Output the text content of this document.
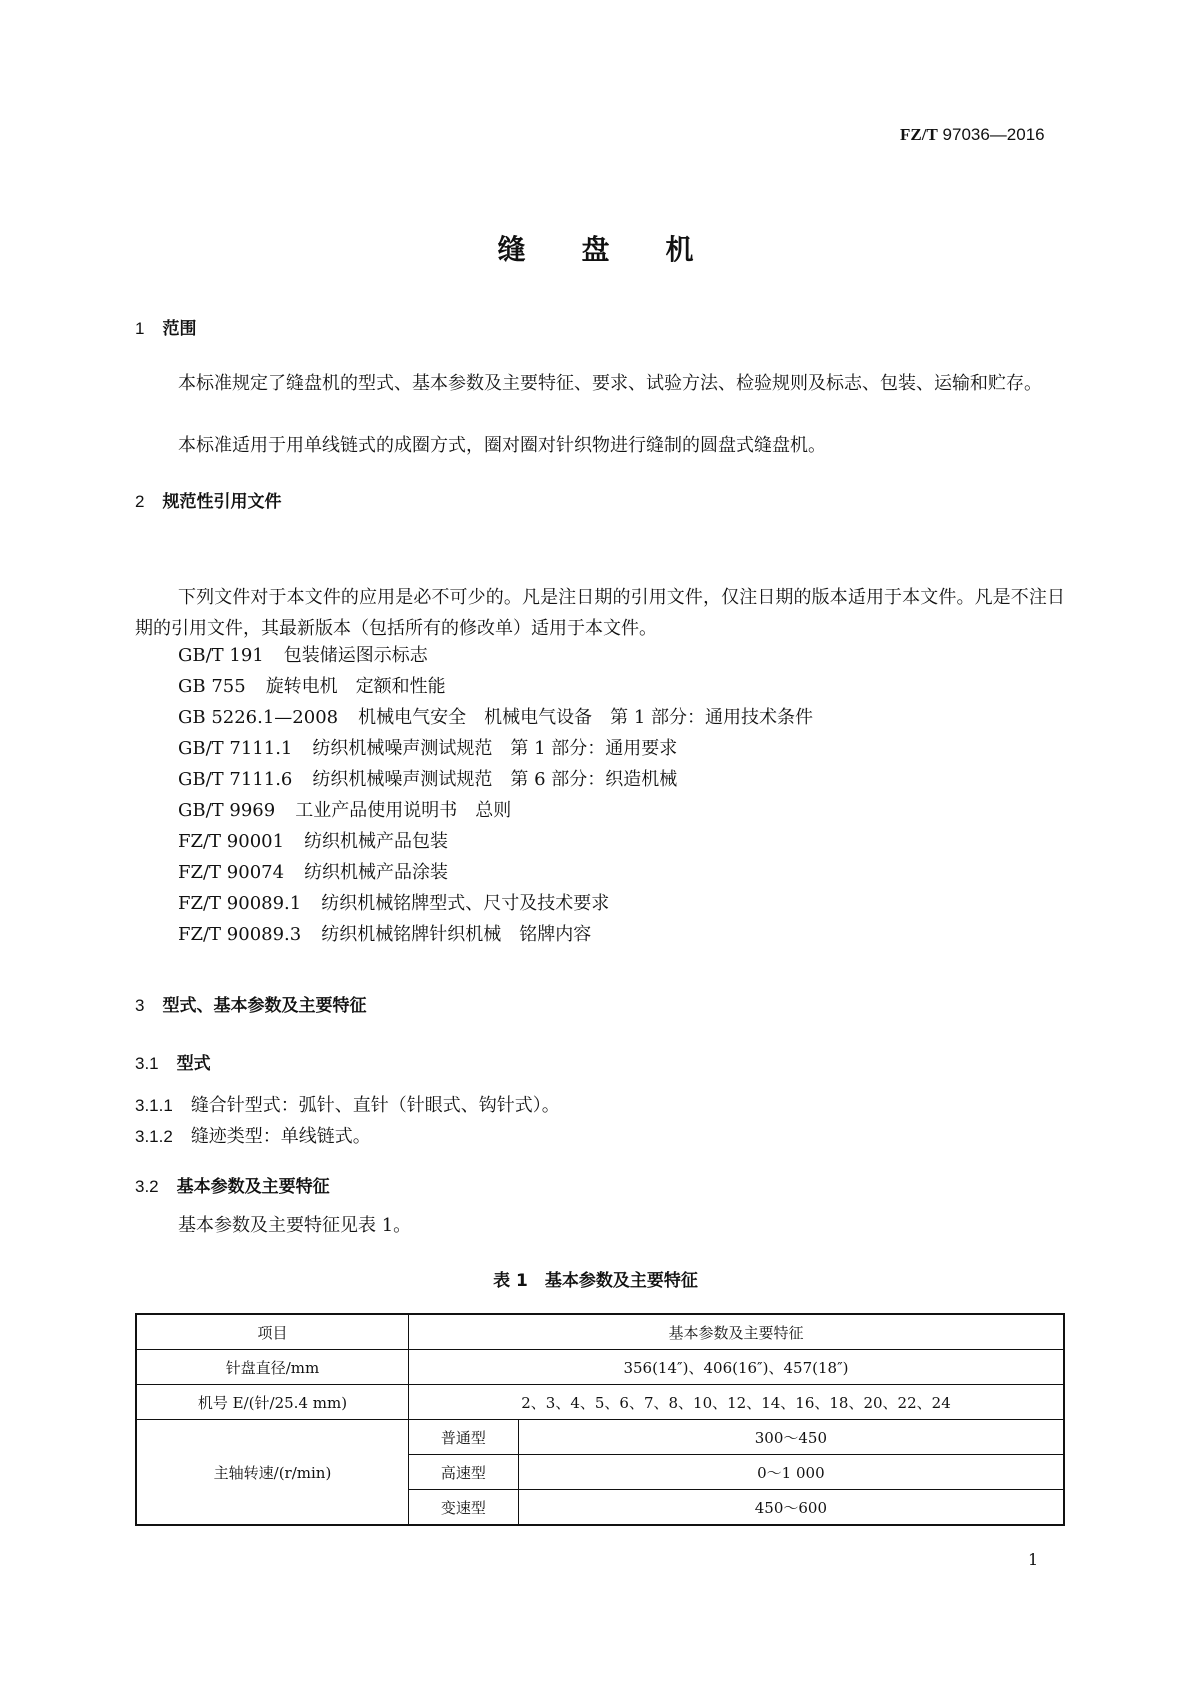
FZ/T 97036—2016
缝盘机
1 范围
本标准规定了缝盘机的型式、基本参数及主要特征、要求、试验方法、检验规则及标志、包装、运输和贮存。
本标准适用于用单线链式的成圈方式，圈对圈对针织物进行缝制的圆盘式缝盘机。
2 规范性引用文件
下列文件对于本文件的应用是必不可少的。凡是注日期的引用文件，仅注日期的版本适用于本文件。凡是不注日期的引用文件，其最新版本（包括所有的修改单）适用于本文件。
GB/T 191 包装储运图示标志
GB 755 旋转电机　定额和性能
GB 5226.1—2008 机械电气安全　机械电气设备　第 1 部分：通用技术条件
GB/T 7111.1 纺织机械噪声测试规范　第 1 部分：通用要求
GB/T 7111.6 纺织机械噪声测试规范　第 6 部分：织造机械
GB/T 9969 工业产品使用说明书　总则
FZ/T 90001 纺织机械产品包装
FZ/T 90074 纺织机械产品涂装
FZ/T 90089.1 纺织机械铭牌型式、尺寸及技术要求
FZ/T 90089.3 纺织机械铭牌针织机械　铭牌内容
3 型式、基本参数及主要特征
3.1 型式
3.1.1 缝合针型式：弧针、直针（针眼式、钩针式）。
3.1.2 缝迹类型：单线链式。
3.2 基本参数及主要特征
基本参数及主要特征见表 1。
表 1　基本参数及主要特征
项目	基本参数及主要特征	
针盘直径/mm	356(14″)、406(16″)、457(18″)	
机号 E/(针/25.4 mm)	2、3、4、5、6、7、8、10、12、14、16、18、20、22、24	
主轴转速/(r/min)	普通型	300～450
	高速型	0～1 000
	变速型	450～600
1
